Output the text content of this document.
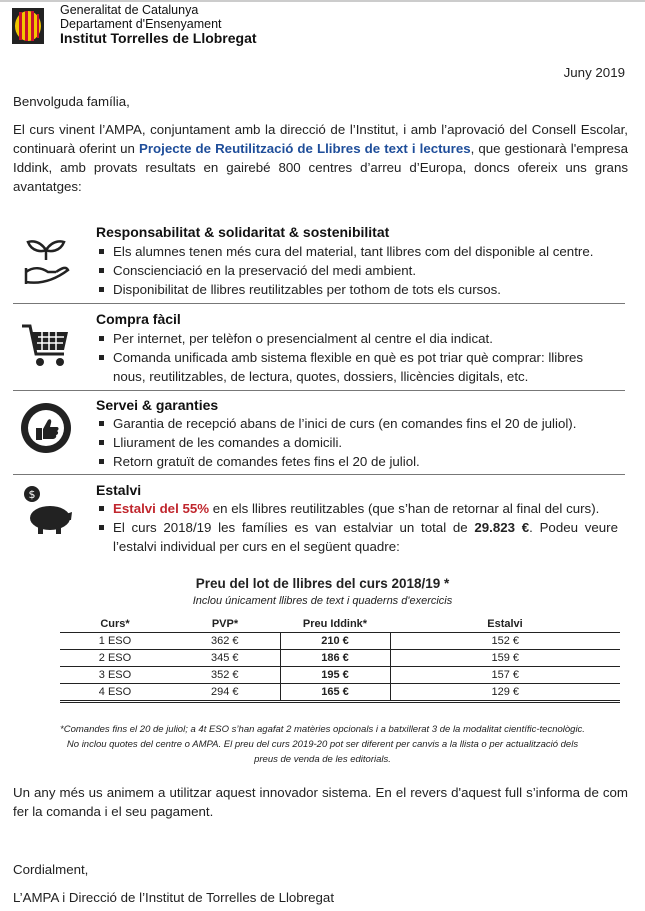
Generalitat de Catalunya
Departament d'Ensenyament
Institut Torrelles de Llobregat
Juny 2019
Benvolguda família,
El curs vinent l’AMPA, conjuntament amb la direcció de l’Institut, i amb l’aprovació del Consell Escolar, continuarà oferint un Projecte de Reutilització de Llibres de text i lectures, que gestionarà l'empresa Iddink, amb provats resultats en gairebé 800 centres d’arreu d’Europa, doncs ofereix uns grans avantatges:
Responsabilitat & solidaritat & sostenibilitat
Els alumnes tenen més cura del material, tant llibres com del disponible al centre.
Conscienciació en la preservació del medi ambient.
Disponibilitat de llibres reutilitzables per tothom de tots els cursos.
Compra fàcil
Per internet, per telèfon o presencialment al centre el dia indicat.
Comanda unificada amb sistema flexible en què es pot triar què comprar: llibres nous, reutilitzables, de lectura, quotes, dossiers, llicències digitals, etc.
Servei & garanties
Garantia de recepció abans de l’inici de curs (en comandes fins el 20 de juliol).
Lliurament de les comandes a domicili.
Retorn gratuït de comandes fetes fins el 20 de juliol.
$	Estalvi
Estalvi del 55% en els llibres reutilitzables (que s’han de retornar al final del curs).
El curs 2018/19 les famílies es van estalviar un total de 29.823 €. Podeu veure l’estalvi individual per curs en el següent quadre:
Preu del lot de llibres del curs 2018/19 *
Inclou únicament llibres de text i quaderns d'exercicis
Curs*	PVP*	Preu Iddink*	Estalvi
1 ESO	362 €	210 €	152 €
2 ESO	345 €	186 €	159 €
3 ESO	352 €	195 €	157 €
4 ESO	294 €	165 €	129 €
*Comandes fins el 20 de juliol; a 4t ESO s’han agafat 2 matèries opcionals i a batxillerat 3 de la modalitat científic-tecnològic. No inclou quotes del centre o AMPA. El preu del curs 2019-20 pot ser diferent per canvis a la llista o per actualització dels preus de venda de les editorials.
Un any més us animem a utilitzar aquest innovador sistema. En el revers d'aquest full s’informa de com fer la comanda i el seu pagament.
Cordialment,
L’AMPA i Direcció de l’Institut de Torrelles de Llobregat
